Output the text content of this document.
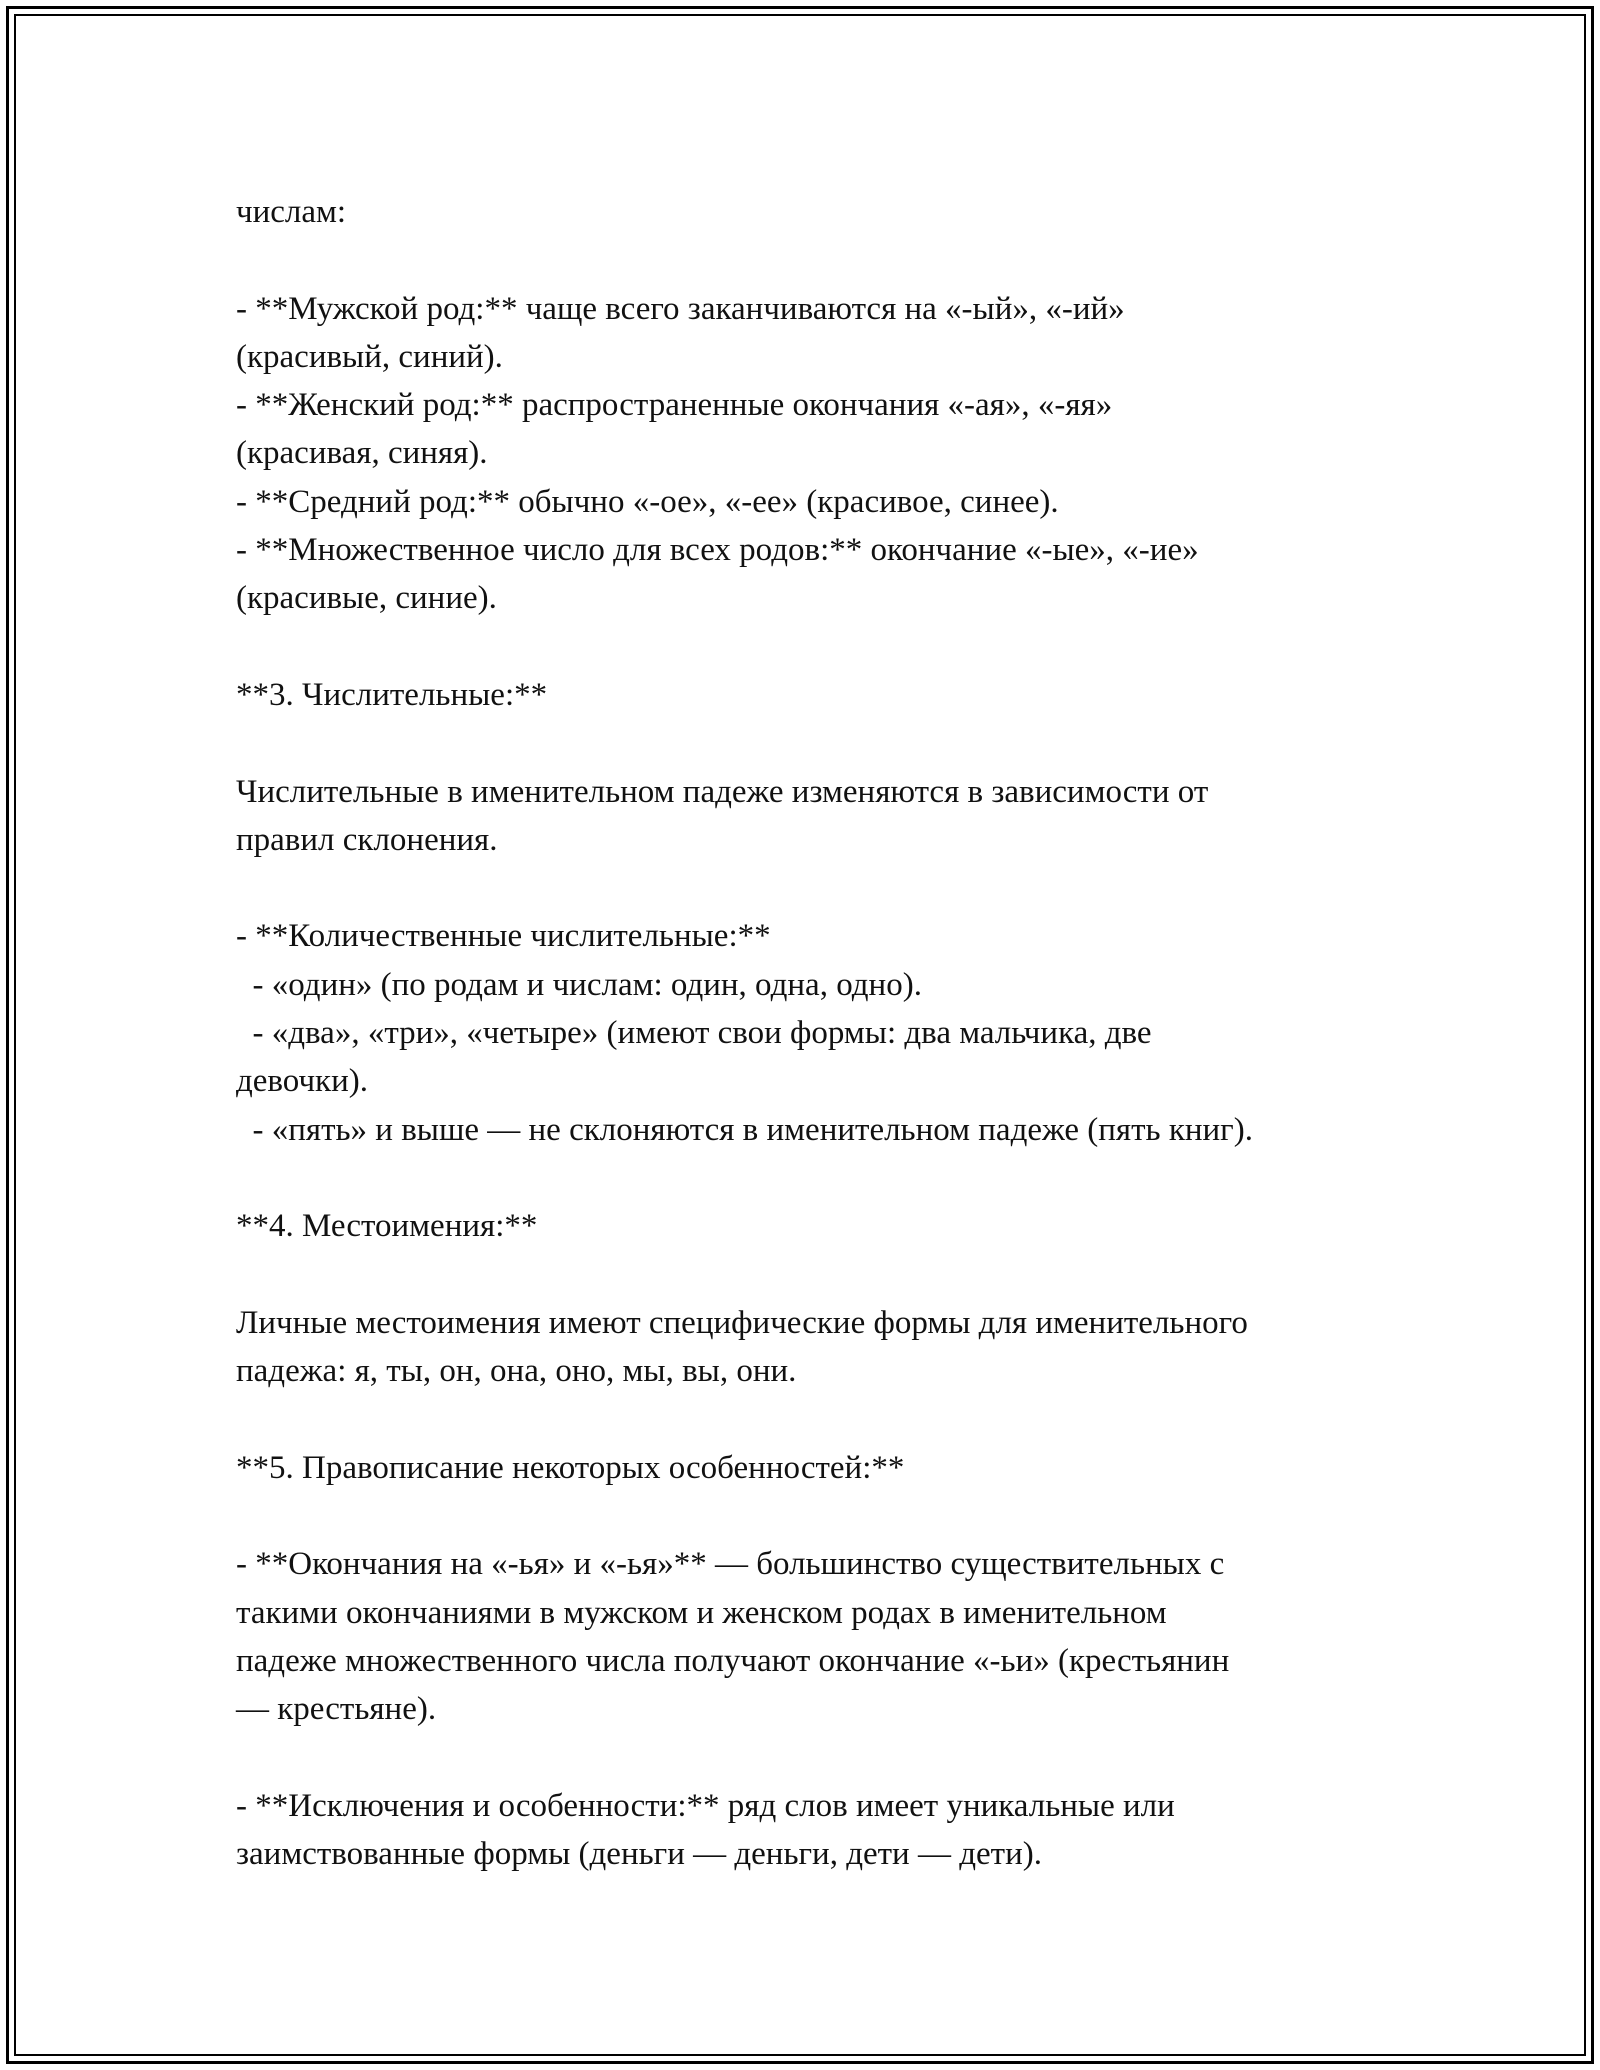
числам:
- **Мужской род:** чаще всего заканчиваются на «-ый», «-ий»
(красивый, синий).
- **Женский род:** распространенные окончания «-ая», «-яя»
(красивая, синяя).
- **Средний род:** обычно «-ое», «-ее» (красивое, синее).
- **Множественное число для всех родов:** окончание «-ые», «-ие»
(красивые, синие).
**3. Числительные:**
Числительные в именительном падеже изменяются в зависимости от
правил склонения.
- **Количественные числительные:**
- «один» (по родам и числам: один, одна, одно).
- «два», «три», «четыре» (имеют свои формы: два мальчика, две
девочки).
- «пять» и выше — не склоняются в именительном падеже (пять книг).
**4. Местоимения:**
Личные местоимения имеют специфические формы для именительного
падежа: я, ты, он, она, оно, мы, вы, они.
**5. Правописание некоторых особенностей:**
- **Окончания на «-ья» и «-ья»** — большинство существительных с
такими окончаниями в мужском и женском родах в именительном
падеже множественного числа получают окончание «-ьи» (крестьянин
— крестьяне).
- **Исключения и особенности:** ряд слов имеет уникальные или
заимствованные формы (деньги — деньги, дети — дети).
